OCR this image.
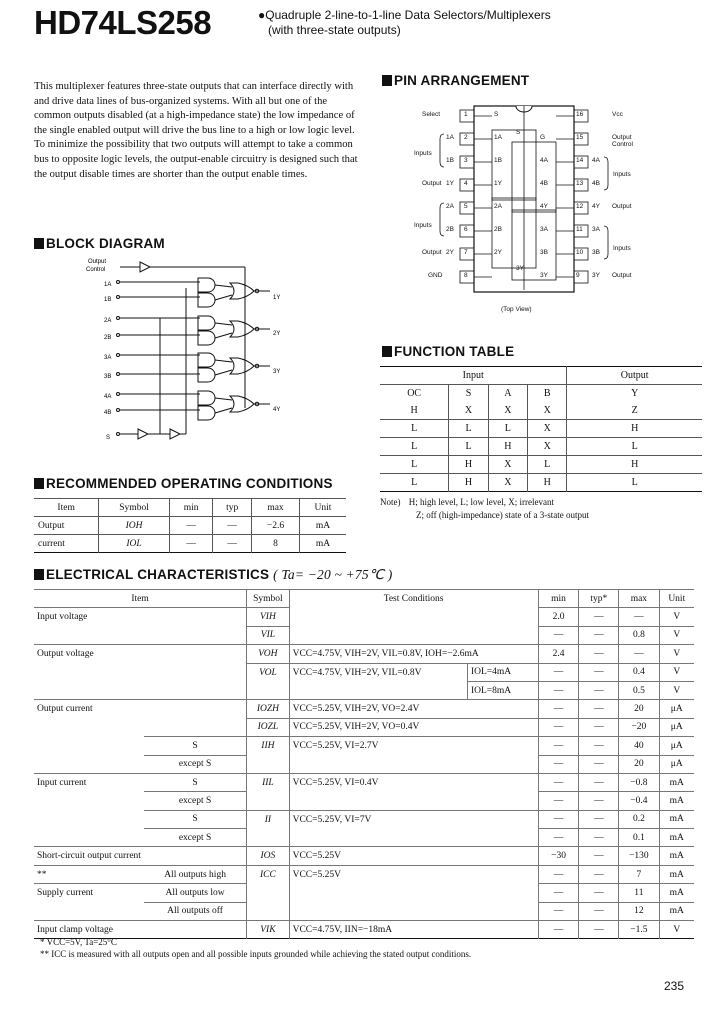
HD74LS258	●Quadruple 2-line-to-1-line Data Selectors/Multiplexers
(with three-state outputs)
This multiplexer features three-state outputs that can interface directly with and drive data lines of bus-organized systems. With all but one of the common outputs disabled (at a high-impedance state) the low impedance of the single enabled output will drive the bus line to a high or low logic level. To minimize the possibility that two outputs will attempt to take a common bus to opposite logic levels, the output-enable circuitry is designed such that the output disable times are shorter than the output enable times.
BLOCK DIAGRAM
Output
Control
1A
1B
2A
2B
3A
3B
4A
4B
S
1Y
2Y
3Y
4Y
PIN ARRANGEMENT
S
3Y
(Top View)
Inputs
Inputs
Inputs
Inputs
1
Select	S
2
1A	1A
3
1B	1B
4
Output 1Y	1Y
5
2A	2A
6
2B	2B
7
Output 2Y	2Y
8
GND
16	Vcc
15	Output Control
G
14 4A
4A
13 4B
4B
12	Output
4Y
4Y
11 3A
3A
10 3B
3B
9	Output
3Y
3Y
FUNCTION TABLE
Input				Output
OC	S	A	B	Y
H	X	X	X	Z
L	L	L	X	H
L	L	H	X	L
L	H	X	L	H
L	H	X	H	L
Note) H; high level, L; low level, X; irrelevant
Z; off (high-impedance) state of a 3-state output
RECOMMENDED OPERATING CONDITIONS
Item	Symbol	min	typ	max	Unit
Output	IOH	—	—	−2.6	mA
current	IOL	—	—	8	mA
ELECTRICAL CHARACTERISTICS ( Ta= −20 ~ +75℃ )
Item		Symbol	Test Conditions		min	typ*	max	Unit
Input voltage		VIH			2.0	—	—	V
		VIL			—	—	0.8	V
Output voltage		VOH	VCC=4.75V, VIH=2V, VIL=0.8V, IOH=−2.6mA		2.4	—	—	V
		VOL	VCC=4.75V, VIH=2V, VIL=0.8V	IOL=4mA	—	—	0.4	V
				IOL=8mA	—	—	0.5	V
Output current		IOZH	VCC=5.25V, VIH=2V, VO=2.4V		—	—	20	μA
		IOZL	VCC=5.25V, VIH=2V, VO=0.4V		—	—	−20	μA
	S	IIH	VCC=5.25V, VI=2.7V		—	—	40	μA
	except S				—	—	20	μA
Input current	S	IIL	VCC=5.25V, VI=0.4V		—	—	−0.8	mA
	except S				—	—	−0.4	mA
	S	II	VCC=5.25V, VI=7V		—	—	0.2	mA
	except S				—	—	0.1	mA
Short-circuit output current		IOS	VCC=5.25V		−30	—	−130	mA
**	All outputs high	ICC	VCC=5.25V		—	—	7	mA
Supply current	All outputs low				—	—	11	mA
	All outputs off				—	—	12	mA
Input clamp voltage		VIK	VCC=4.75V, IIN=−18mA		—	—	−1.5	V
* VCC=5V, Ta=25°C
** ICC is measured with all outputs open and all possible inputs grounded while achieving the stated output conditions.
235
